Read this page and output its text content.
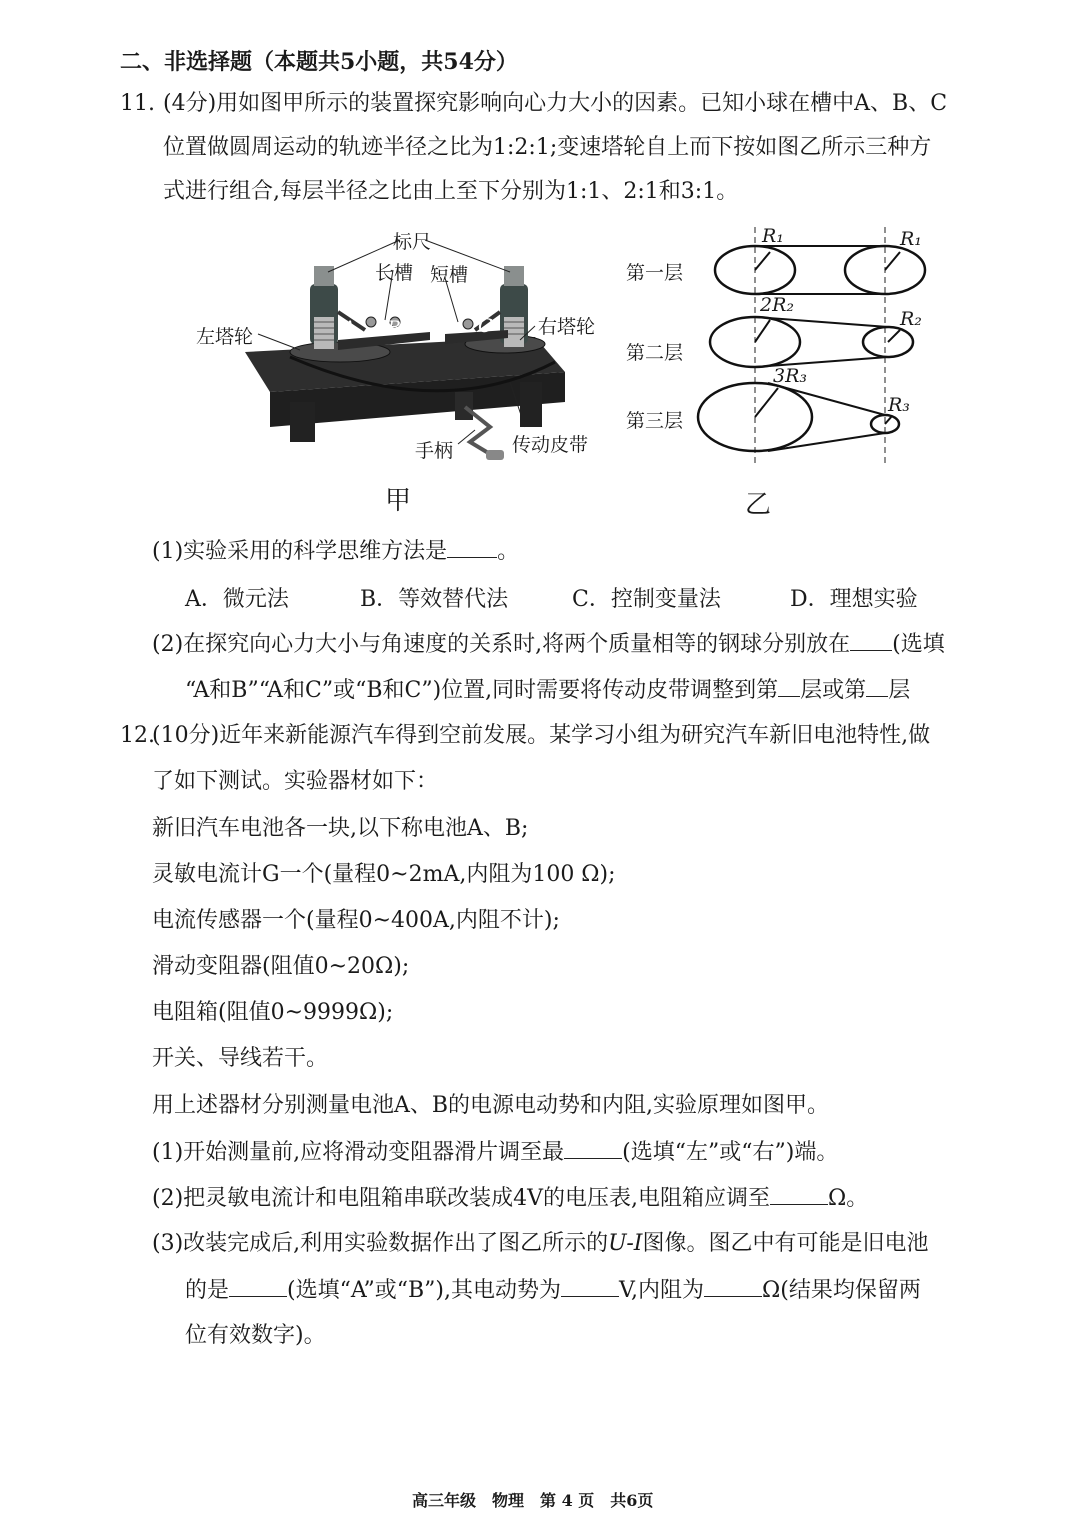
二、非选择题（本题共5小题，共54分）
11. (4分)用如图甲所示的装置探究影响向心力大小的因素。已知小球在槽中A、B、C
位置做圆周运动的轨迹半径之比为1:2:1;变速塔轮自上而下按如图乙所示三种方
式进行组合,每层半径之比由上至下分别为1:1、2:1和3:1。
标尺
长槽 短槽
左塔轮	右塔轮
手柄	传动皮带
A B	C
甲
第一层
第二层
第三层
R₁	R₁
2R₂
R₂
3R₃
R₃
乙
(1)实验采用的科学思维方法是 。
A．微元法	B．等效替代法	C．控制变量法	D．理想实验
(2)在探究向心力大小与角速度的关系时,将两个质量相等的钢球分别放在 (选填
“A和B”“A和C”或“B和C”)位置,同时需要将传动皮带调整到第 层或第 层
12.
(10分)近年来新能源汽车得到空前发展。某学习小组为研究汽车新旧电池特性,做
了如下测试。实验器材如下：
新旧汽车电池各一块,以下称电池A、B;
灵敏电流计G一个(量程0~2mA,内阻为100 Ω);
电流传感器一个(量程0~400A,内阻不计);
滑动变阻器(阻值0~20Ω);
电阻箱(阻值0~9999Ω);
开关、导线若干。
用上述器材分别测量电池A、B的电源电动势和内阻,实验原理如图甲。
(1)开始测量前,应将滑动变阻器滑片调至最	(选填“左”或“右”)端。
(2)把灵敏电流计和电阻箱串联改装成4V的电压表,电阻箱应调至	Ω。
(3)改装完成后,利用实验数据作出了图乙所示的U-I图像。图乙中有可能是旧电池
的是	(选填“A”或“B”),其电动势为	V,内阻为	Ω(结果均保留两
位有效数字)。
高三年级　物理　第 4 页　共6页
